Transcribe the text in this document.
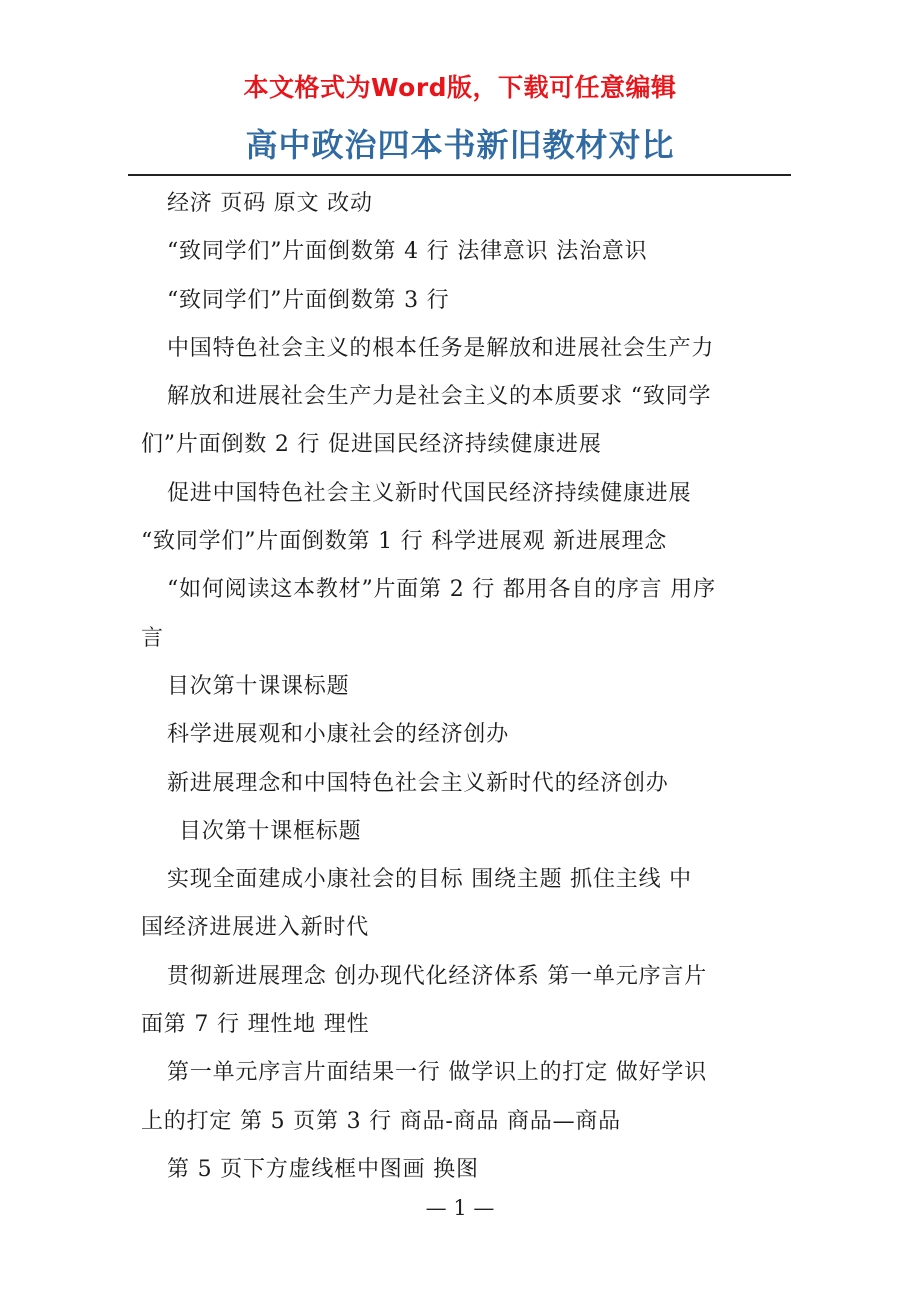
本文格式为Word版，下载可任意编辑
高中政治四本书新旧教材对比
经济 页码 原文 改动
“致同学们”片面倒数第 4 行 法律意识 法治意识
“致同学们”片面倒数第 3 行
中国特色社会主义的根本任务是解放和进展社会生产力
解放和进展社会生产力是社会主义的本质要求 “致同学
们”片面倒数 2 行 促进国民经济持续健康进展
促进中国特色社会主义新时代国民经济持续健康进展
“致同学们”片面倒数第 1 行 科学进展观 新进展理念
“如何阅读这本教材”片面第 2 行 都用各自的序言 用序
言
目次第十课课标题
科学进展观和小康社会的经济创办
新进展理念和中国特色社会主义新时代的经济创办
目次第十课框标题
实现全面建成小康社会的目标 围绕主题 抓住主线 中
国经济进展进入新时代
贯彻新进展理念 创办现代化经济体系 第一单元序言片
面第 7 行 理性地 理性
第一单元序言片面结果一行 做学识上的打定 做好学识
上的打定 第 5 页第 3 行 商品-商品 商品—商品
第 5 页下方虚线框中图画 换图
— 1 —
